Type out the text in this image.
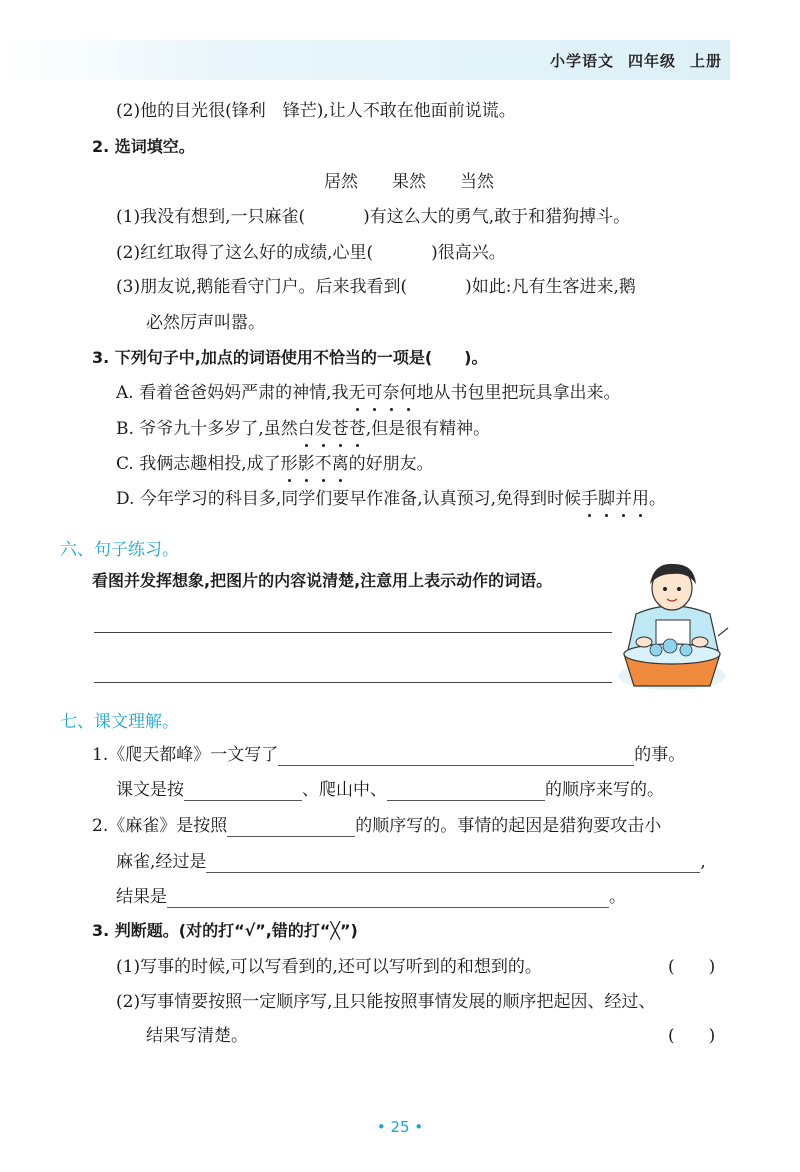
小学语文 四年级 上册
(2)他的目光很(锋利　锋芒),让人不敢在他面前说谎。
2. 选词填空。
居然 果然 当然
(1)我没有想到,一只麻雀(	)有这么大的勇气,敢于和猎狗搏斗。
(2)红红取得了这么好的成绩,心里(	)很高兴。
(3)朋友说,鹅能看守门户。后来我看到(	)如此:凡有生客进来,鹅
必然厉声叫嚣。
3. 下列句子中,加点的词语使用不恰当的一项是(　　)。
A. 看着爸爸妈妈严肃的神情,我无可奈何地从书包里把玩具拿出来。
B. 爷爷九十多岁了,虽然白发苍苍,但是很有精神。
C. 我俩志趣相投,成了形影不离的好朋友。
D. 今年学习的科目多,同学们要早作准备,认真预习,免得到时候手脚并用。
六、句子练习。
看图并发挥想象,把图片的内容说清楚,注意用上表示动作的词语。
七、课文理解。
1.《爬天都峰》一文写了	的事。
课文是按	、爬山中、	的顺序来写的。
2.《麻雀》是按照	的顺序写的。事情的起因是猎狗要攻击小
麻雀,经过是	,
结果是	。
3. 判断题。(对的打“√”,错的打“╳”)
(1)写事的时候,可以写看到的,还可以写听到的和想到的。	(　　)
(2)写事情要按照一定顺序写,且只能按照事情发展的顺序把起因、经过、
结果写清楚。	(　　)
• 25 •
